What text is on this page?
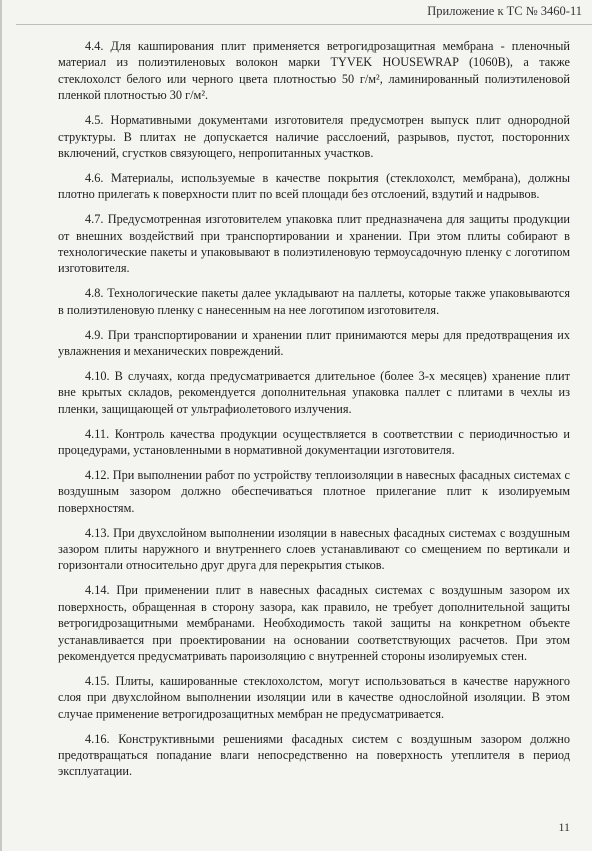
Приложение к ТС № 3460-11

4.4. Для кашпирования плит применяется ветрогидрозащитная мембрана - пленочный материал из полиэтиленовых волокон марки TYVEK HOUSEWRAP (1060В), а также стеклохолст белого или черного цвета плотностью 50 г/м², ламинированный полиэтиленовой пленкой плотностью 30 г/м².

4.5. Нормативными документами изготовителя предусмотрен выпуск плит однородной структуры. В плитах не допускается наличие расслоений, разрывов, пустот, посторонних включений, сгустков связующего, непропитанных участков.

4.6. Материалы, используемые в качестве покрытия (стеклохолст, мембрана), должны плотно прилегать к поверхности плит по всей площади без отслоений, вздутий и надрывов.

4.7. Предусмотренная изготовителем упаковка плит предназначена для защиты продукции от внешних воздействий при транспортировании и хранении. При этом плиты собирают в технологические пакеты и упаковывают в полиэтиленовую термоусадочную пленку с логотипом изготовителя.

4.8. Технологические пакеты далее укладывают на паллеты, которые также упаковываются в полиэтиленовую пленку с нанесенным на нее логотипом изготовителя.

4.9. При транспортировании и хранении плит принимаются меры для предотвращения их увлажнения и механических повреждений.

4.10. В случаях, когда предусматривается длительное (более 3-х месяцев) хранение плит вне крытых складов, рекомендуется дополнительная упаковка паллет с плитами в чехлы из пленки, защищающей от ультрафиолетового излучения.

4.11. Контроль качества продукции осуществляется в соответствии с периодичностью и процедурами, установленными в нормативной документации изготовителя.

4.12. При выполнении работ по устройству теплоизоляции в навесных фасадных системах с воздушным зазором должно обеспечиваться плотное прилегание плит к изолируемым поверхностям.

4.13. При двухслойном выполнении изоляции в навесных фасадных системах с воздушным зазором плиты наружного и внутреннего слоев устанавливают со смещением по вертикали и горизонтали относительно друг друга для перекрытия стыков.

4.14. При применении плит в навесных фасадных системах с воздушным зазором их поверхность, обращенная в сторону зазора, как правило, не требует дополнительной защиты ветрогидрозащитными мембранами. Необходимость такой защиты на конкретном объекте устанавливается при проектировании на основании соответствующих расчетов. При этом рекомендуется предусматривать пароизоляцию с внутренней стороны изолируемых стен.

4.15. Плиты, кашированные стеклохолстом, могут использоваться в качестве наружного слоя при двухслойном выполнении изоляции или в качестве однослойной изоляции. В этом случае применение ветрогидрозащитных мембран не предусматривается.

4.16. Конструктивными решениями фасадных систем с воздушным зазором должно предотвращаться попадание влаги непосредственно на поверхность утеплителя в период эксплуатации.

11
